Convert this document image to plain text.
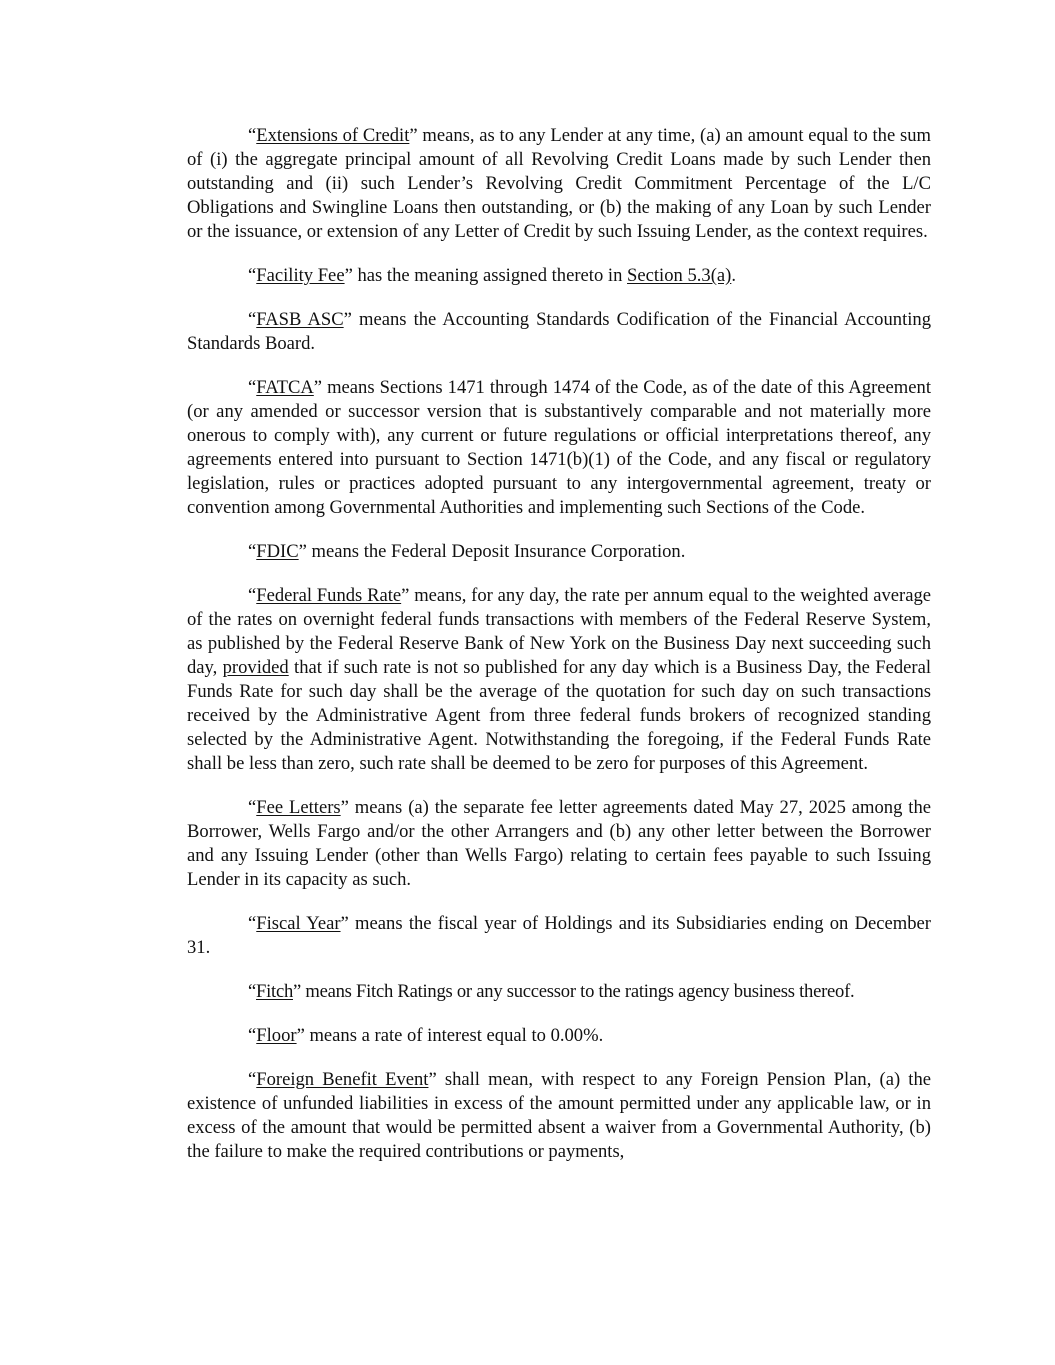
“Extensions of Credit” means, as to any Lender at any time, (a) an amount equal to the sum of (i) the aggregate principal amount of all Revolving Credit Loans made by such Lender then outstanding and (ii) such Lender’s Revolving Credit Commitment Percentage of the L/C Obligations and Swingline Loans then outstanding, or (b) the making of any Loan by such Lender or the issuance, or extension of any Letter of Credit by such Issuing Lender, as the context requires.

“Facility Fee” has the meaning assigned thereto in Section 5.3(a).

“FASB ASC” means the Accounting Standards Codification of the Financial Accounting Standards Board.

“FATCA” means Sections 1471 through 1474 of the Code, as of the date of this Agreement (or any amended or successor version that is substantively comparable and not materially more onerous to comply with), any current or future regulations or official interpretations thereof, any agreements entered into pursuant to Section 1471(b)(1) of the Code, and any fiscal or regulatory legislation, rules or practices adopted pursuant to any intergovernmental agreement, treaty or convention among Governmental Authorities and implementing such Sections of the Code.

“FDIC” means the Federal Deposit Insurance Corporation.

“Federal Funds Rate” means, for any day, the rate per annum equal to the weighted average of the rates on overnight federal funds transactions with members of the Federal Reserve System, as published by the Federal Reserve Bank of New York on the Business Day next succeeding such day, provided that if such rate is not so published for any day which is a Business Day, the Federal Funds Rate for such day shall be the average of the quotation for such day on such transactions received by the Administrative Agent from three federal funds brokers of recognized standing selected by the Administrative Agent. Notwithstanding the foregoing, if the Federal Funds Rate shall be less than zero, such rate shall be deemed to be zero for purposes of this Agreement.

“Fee Letters” means (a) the separate fee letter agreements dated May 27, 2025 among the Borrower, Wells Fargo and/or the other Arrangers and (b) any other letter between the Borrower and any Issuing Lender (other than Wells Fargo) relating to certain fees payable to such Issuing Lender in its capacity as such.

“Fiscal Year” means the fiscal year of Holdings and its Subsidiaries ending on December 31.

“Fitch” means Fitch Ratings or any successor to the ratings agency business thereof.

“Floor” means a rate of interest equal to 0.00%.

“Foreign Benefit Event” shall mean, with respect to any Foreign Pension Plan, (a) the existence of unfunded liabilities in excess of the amount permitted under any applicable law, or in excess of the amount that would be permitted absent a waiver from a Governmental Authority, (b) the failure to make the required contributions or payments,
